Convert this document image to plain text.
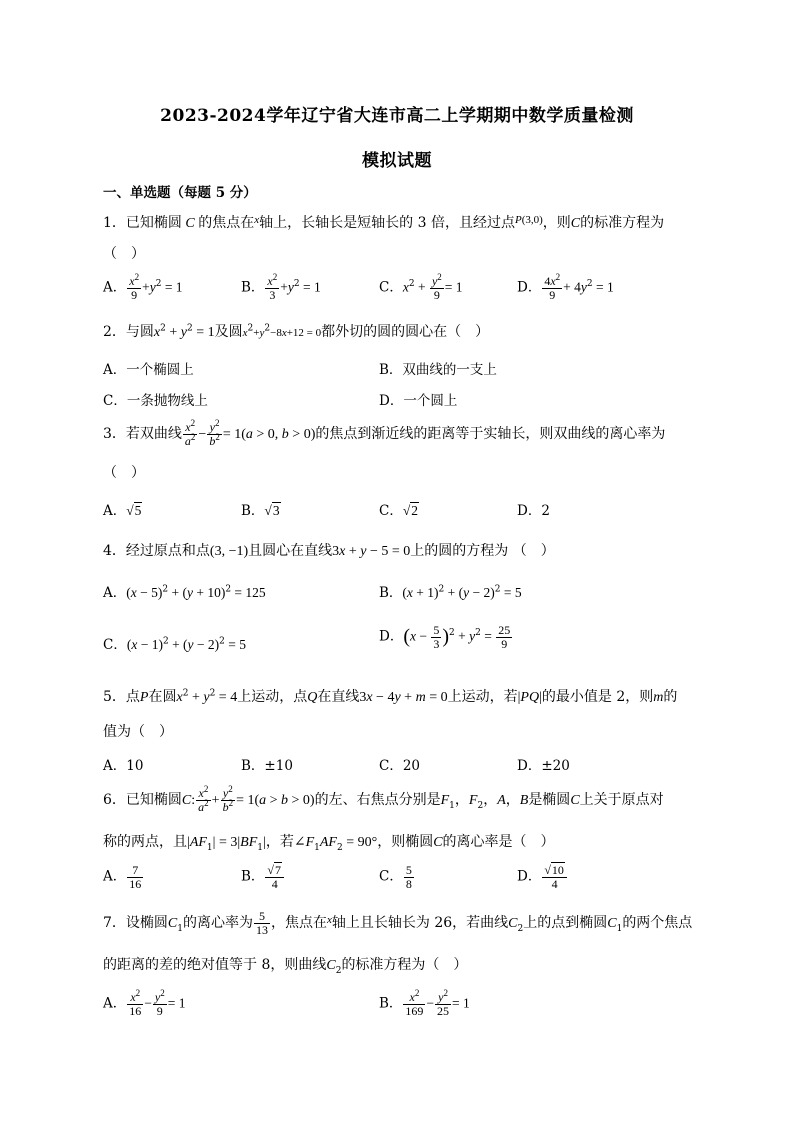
2023-2024学年辽宁省大连市高二上学期期中数学质量检测
模拟试题
一、单选题（每题 5 分）
1．已知椭圆 C 的焦点在$^x$轴上，长轴长是短轴长的 3 倍，且经过点$^{P(3,0)}$，则C的标准方程为
（　）
A． $\frac{x^2}{9} +y^2 = 1$	B． $\frac{x^2}{3} +y^2 = 1$	C．$x^2 + \frac{y^2}{9} = 1$	D． $\frac{4x^2}{9} + 4y^2 = 1$
2．与圆$x^2 + y^2 = 1$及圆$x^2+y^2-8x+12 = 0$都外切的圆的圆心在（　）
A．一个椭圆上	B．双曲线的一支上
C．一条抛物线上	D．一个圆上
3．若双曲线 $\frac{x^2}{a^2} - \frac{y^2}{b^2} = 1(a > 0$, b > 0)的焦点到渐近线的距离等于实轴长，则双曲线的离心率为
（　）
A．√5	B．√3	C．√2	D．2
4．经过原点和点(3, −1)且圆心在直线3x + y − 5 = 0上的圆的方程为 （　）
A．$(x - 5)^2 + (y + 10)^2 = 125$	B．$(x + 1)^2 + (y - 2)^2 = 5$
C．$(x - 1)^2 + (y - 2)^2 = 5$	D．$(x - \frac{5}{3} )^2 + y^2 = \frac{25}{9}$
5．点P在圆$x^2 + y^2 = 4$上运动，点Q在直线3x − 4y + m = 0上运动，若|PQ|的最小值是 2，则m的
值为（　）
A．10	B．±10	C．20	D．±20
6．已知椭圆C: $\frac{x^2}{a^2} + \frac{y^2}{b^2} = 1(a > b > 0)$的左、右焦点分别是$F_1$，$F_2$，A，B是椭圆C上关于原点对
称的两点，且$|AF_1| = 3|BF_1|$，若$\angle F_1AF_2 = 90^\circ$，则椭圆C的离心率是（　）
A． $\frac{7}{16}$	B． $\frac{√7}{4}$	C． $\frac{5}{8}$	D． $\frac{√10}{4}$
7．设椭圆$C_1$的离心率为 $\frac{5}{13}$ ，焦点在$^x$轴上且长轴长为 26，若曲线$C_2$上的点到椭圆$C_1$的两个焦点
的距离的差的绝对值等于 8，则曲线$C_2$的标准方程为（　）
A． $\frac{x^2}{16} - \frac{y^2}{9} = 1$	B． $\frac{x^2}{169} - \frac{y^2}{25} = 1$
